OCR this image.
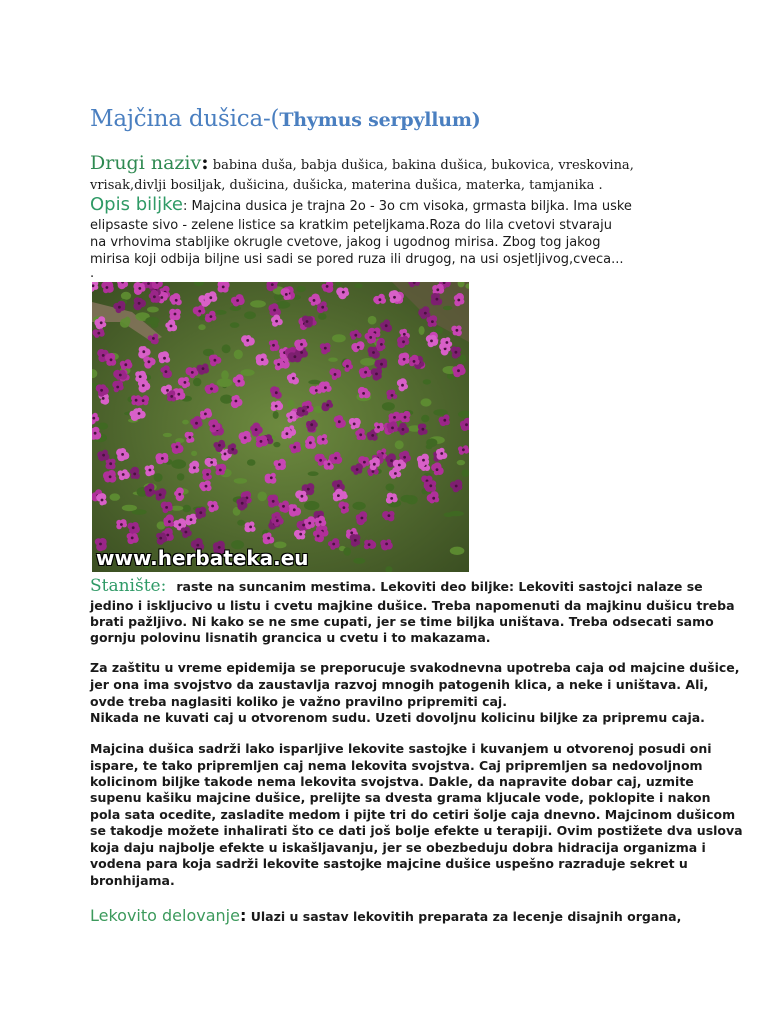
Majčina dušica-(Thymus serpyllum)
Drugi naziv: babina duša, babja dušica, bakina dušica, bukovica, vreskovina,
vrisak,divlji bosiljak, dušicina, dušicka, materina dušica, materka, tamjanika .
Opis biljke: Majcina dusica je trajna 2o - 3o cm visoka, grmasta biljka. Ima uske
elipsaste sivo - zelene listice sa kratkim peteljkama.Roza do lila cvetovi stvaraju
na vrhovima stabljike okrugle cvetove, jakog i ugodnog mirisa. Zbog tog jakog
mirisa koji odbija biljne usi sadi se pored ruza ili drugog, na usi osjetljivog,cveca...
.
www.herbateka.eu
Stanište: raste na suncanim mestima. Lekoviti deo biljke: Lekoviti sastojci nalaze se
jedino i iskljucivo u listu i cvetu majkine dušice. Treba napomenuti da majkinu dušicu treba
brati pažljivo. Ni kako se ne sme cupati, jer se time biljka uništava. Treba odsecati samo
gornju polovinu lisnatih grancica u cvetu i to makazama.
Za zaštitu u vreme epidemija se preporucuje svakodnevna upotreba caja od majcine dušice,
jer ona ima svojstvo da zaustavlja razvoj mnogih patogenih klica, a neke i uništava. Ali,
ovde treba naglasiti koliko je važno pravilno pripremiti caj.
Nikada ne kuvati caj u otvorenom sudu. Uzeti dovoljnu kolicinu biljke za pripremu caja.
Majcina dušica sadrži lako isparljive lekovite sastojke i kuvanjem u otvorenoj posudi oni
ispare, te tako pripremljen caj nema lekovita svojstva. Caj pripremljen sa nedovoljnom
kolicinom biljke takode nema lekovita svojstva. Dakle, da napravite dobar caj, uzmite
supenu kašiku majcine dušice, prelijte sa dvesta grama kljucale vode, poklopite i nakon
pola sata ocedite, zasladite medom i pijte tri do cetiri šolje caja dnevno. Majcinom dušicom
se takodje možete inhalirati što ce dati još bolje efekte u terapiji. Ovim postižete dva uslova
koja daju najbolje efekte u iskašljavanju, jer se obezbeduju dobra hidracija organizma i
vodena para koja sadrži lekovite sastojke majcine dušice uspešno razraduje sekret u
bronhijama.
Lekovito delovanje: Ulazi u sastav lekovitih preparata za lecenje disajnih organa,
